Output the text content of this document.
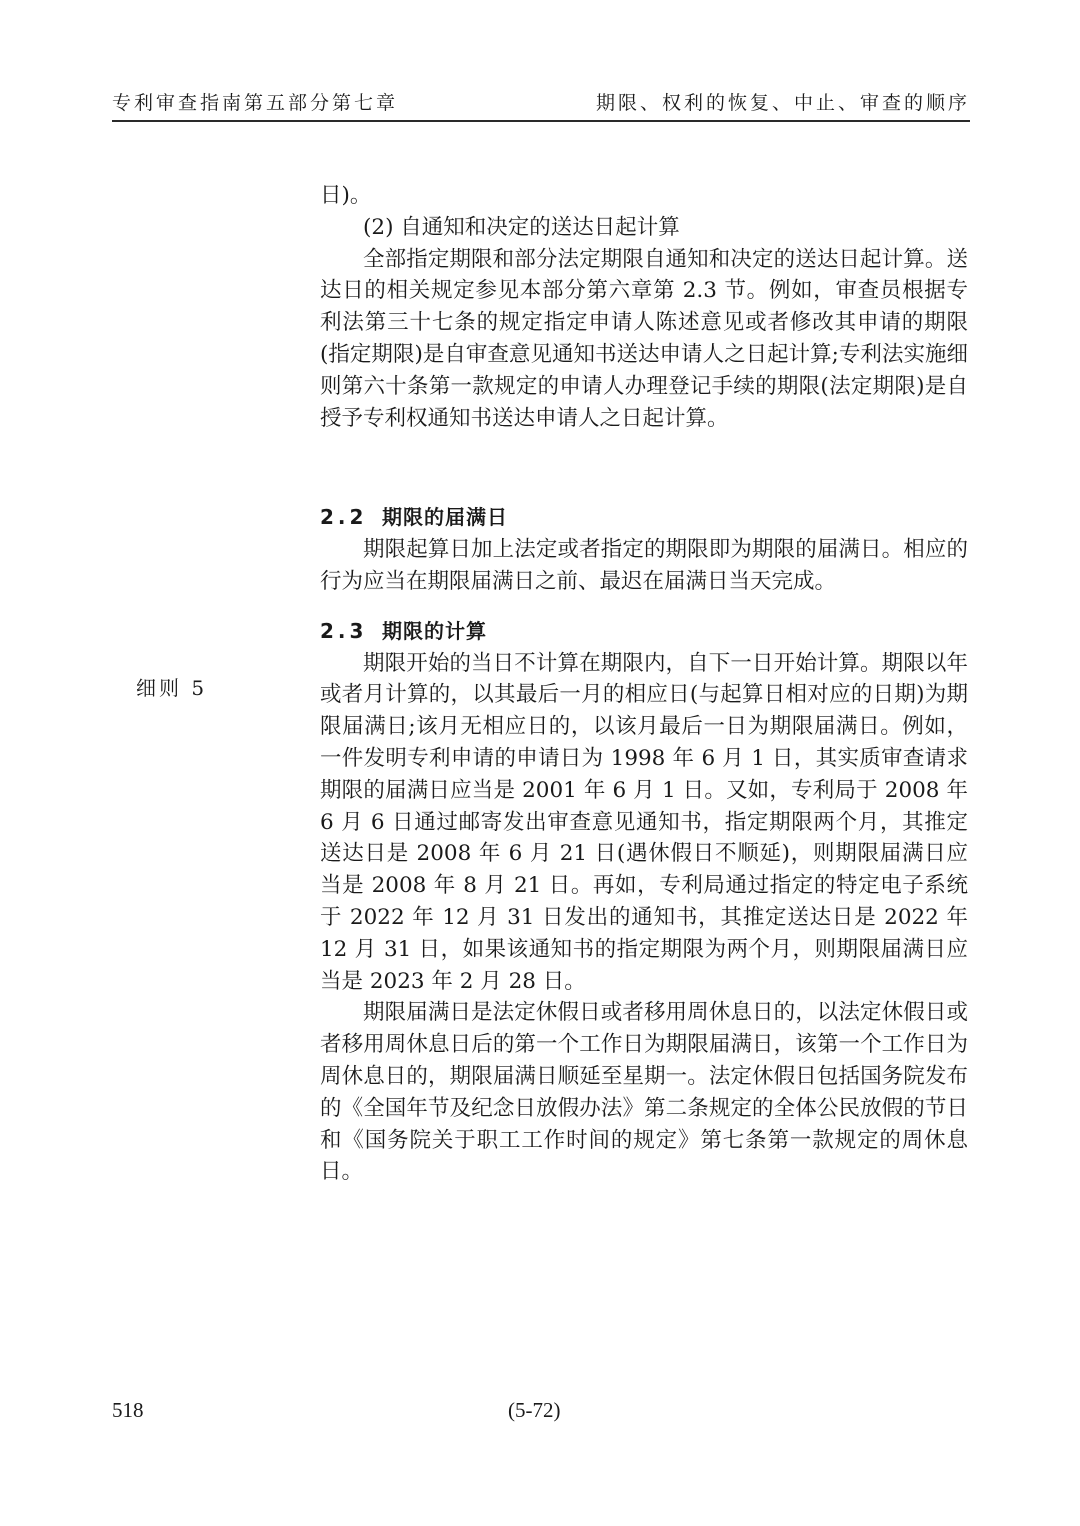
专利审查指南第五部分第七章	期限、权利的恢复、中止、审查的顺序
细则 5

日)。

(2) 自通知和决定的送达日起计算

全部指定期限和部分法定期限自通知和决定的送达日起计算。送达日的相关规定参见本部分第六章第 2.3 节。例如，审查员根据专利法第三十七条的规定指定申请人陈述意见或者修改其申请的期限(指定期限)是自审查意见通知书送达申请人之日起计算;专利法实施细则第六十条第一款规定的申请人办理登记手续的期限(法定期限)是自授予专利权通知书送达申请人之日起计算。

2.2 期限的届满日

期限起算日加上法定或者指定的期限即为期限的届满日。相应的行为应当在期限届满日之前、最迟在届满日当天完成。

2.3 期限的计算

期限开始的当日不计算在期限内，自下一日开始计算。期限以年或者月计算的，以其最后一月的相应日(与起算日相对应的日期)为期限届满日;该月无相应日的，以该月最后一日为期限届满日。例如，一件发明专利申请的申请日为 1998 年 6 月 1 日，其实质审查请求期限的届满日应当是 2001 年 6 月 1 日。又如，专利局于 2008 年 6 月 6 日通过邮寄发出审查意见通知书，指定期限两个月，其推定送达日是 2008 年 6 月 21 日(遇休假日不顺延)，则期限届满日应当是 2008 年 8 月 21 日。再如，专利局通过指定的特定电子系统于 2022 年 12 月 31 日发出的通知书，其推定送达日是 2022 年 12 月 31 日，如果该通知书的指定期限为两个月，则期限届满日应当是 2023 年 2 月 28 日。

期限届满日是法定休假日或者移用周休息日的，以法定休假日或者移用周休息日后的第一个工作日为期限届满日，该第一个工作日为周休息日的，期限届满日顺延至星期一。法定休假日包括国务院发布的《全国年节及纪念日放假办法》第二条规定的全体公民放假的节日和《国务院关于职工工作时间的规定》第七条第一款规定的周休息日。

518	(5-72)
